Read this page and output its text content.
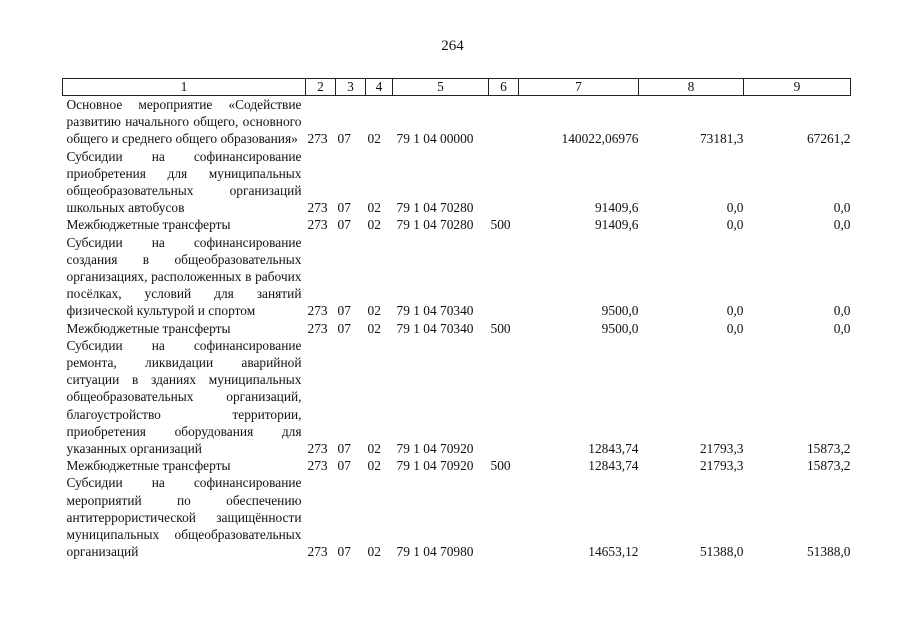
264
1	2	3	4	5	6	7	8	9
Основное мероприятие «Содействие развитию начального общего, основного общего и среднего общего образования»	273	07	02	79 1 04 00000		140022,06976	73181,3	67261,2
Субсидии на софинансирование приобретения для муниципальных общеобразовательных организаций школьных автобусов	273	07	02	79 1 04 70280		91409,6	0,0	0,0
Межбюджетные трансферты	273	07	02	79 1 04 70280	500	91409,6	0,0	0,0
Субсидии на софинансирование создания в общеобразовательных организациях, расположенных в рабочих посёлках, условий для занятий физической культурой и спортом	273	07	02	79 1 04 70340		9500,0	0,0	0,0
Межбюджетные трансферты	273	07	02	79 1 04 70340	500	9500,0	0,0	0,0
Субсидии на софинансирование ремонта, ликвидации аварийной ситуации в зданиях муниципальных общеобразовательных организаций, благоустройство территории, приобретения оборудования для указанных организаций	273	07	02	79 1 04 70920		12843,74	21793,3	15873,2
Межбюджетные трансферты	273	07	02	79 1 04 70920	500	12843,74	21793,3	15873,2
Субсидии на софинансирование мероприятий по обеспечению антитеррористической защищённости муниципальных общеобразовательных организаций	273	07	02	79 1 04 70980		14653,12	51388,0	51388,0
